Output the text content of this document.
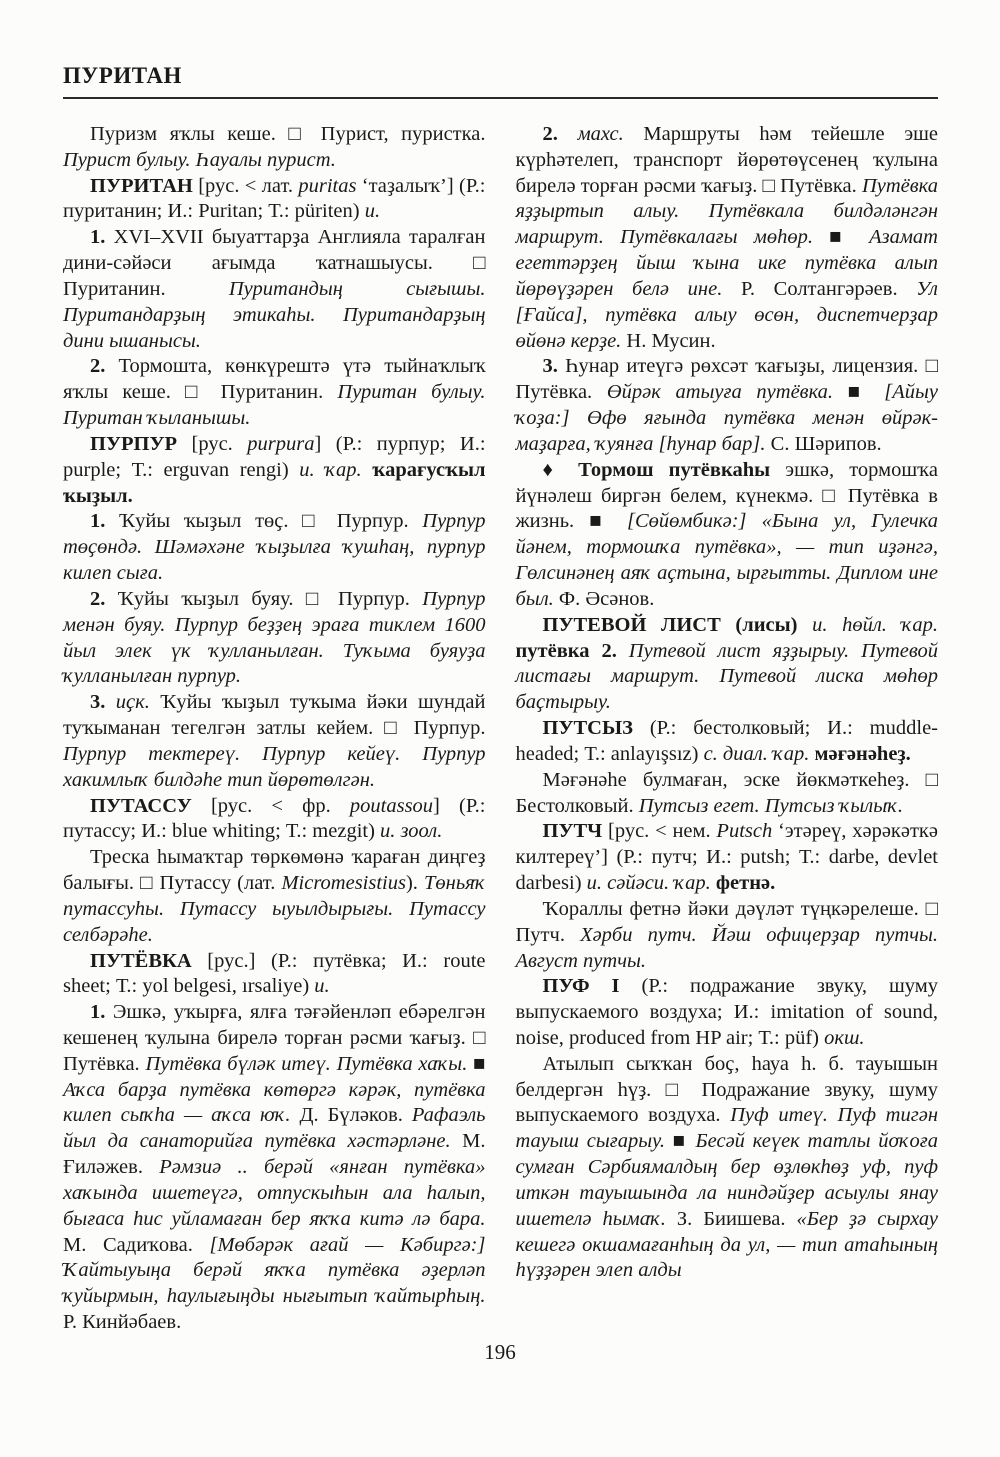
ПУРИТАН

Пуризм яҡлы кеше. □ Пурист, пуристка. Пурист булыу. Һауалы пурист.

ПУРИТАН [рус. < лат. puritas ‘таҙалыҡ’] (Р.: пуританин; И.: Puritan; Т.: püriten) и.

1. XVI–XVII быуаттарҙа Англияла таралған дини-сәйәси ағымда ҡатнашыусы. □ Пуританин. Пуритандың сығышы. Пуритандарҙың этикаһы. Пуритандарҙың дини ышанысы.

2. Тормошта, көнкүрештә үтә тыйнаҡлыҡ яҡлы кеше. □ Пуританин. Пуритан булыу. Пуритан ҡыланышы.

ПУРПУР [рус. purpura] (Р.: пурпур; И.: purple; Т.: erguvan rengi) и. ҡар. ҡарағусҡыл ҡыҙыл.

1. Ҡуйы ҡыҙыл төҫ. □ Пурпур. Пурпур төҫөндә. Шәмәхәне ҡыҙылға ҡушһаң, пурпур килеп сыға.

2. Ҡуйы ҡыҙыл буяу. □ Пурпур. Пурпур менән буяу. Пурпур беҙҙең эраға тиклем 1600 йыл элек үк ҡулланылған. Туҡыма буяуҙа ҡулланылған пурпур.

3. иҫк. Ҡуйы ҡыҙыл туҡыма йәки шундай туҡыманан тегелгән затлы кейем. □ Пурпур. Пурпур тектереү. Пурпур кейеү. Пурпур хакимлыҡ билдәһе тип йөрөтөлгән.

ПУТАССУ [рус. < фр. poutassou] (Р.: путассу; И.: blue whiting; Т.: mezgit) и. зоол.

Треска һымаҡтар төркөмөнә ҡараған диңгеҙ балығы. □ Путассу (лат. Micromesistius). Төньяҡ путассуһы. Путассу ыуылдырығы. Путассу селбәрәһе.

ПУТЁВКА [рус.] (Р.: путёвка; И.: route sheet; Т.: yol belgesi, ırsaliye) и.

1. Эшкә, уҡырға, ялға тәғәйенләп ебәрелгән кешенең ҡулына бирелә торған рәсми ҡағыҙ. □ Путёвка. Путёвка бүләк итеү. Путёвка хаҡы. ■ Аҡса барҙа путёвка көтөргә кәрәк, путёвка килеп сыҡһа — аҡса юҡ. Д. Бүләков. Рафаэль йыл да санаторийға путёвка хәстәрләне. М. Ғиләжев. Рәмзиә .. берәй «янған путёвка» хаҡында ишетеүгә, отпускыһын ала һалып, бығаса һис уйламаған бер яҡҡа китә лә бара. М. Садиҡова. [Мөбәрәк ағай — Кәбиргә:] Ҡайтыуыңа берәй яҡҡа путёвка әҙерләп ҡуйырмын, һаулығыңды нығытып ҡайтырһың. Р. Кинйәбаев.

2. махс. Маршруты һәм тейешле эше күрһәтелеп, транспорт йөрөтөүсенең ҡулына бирелә торған рәсми ҡағыҙ. □ Путёвка. Путёвка яҙҙыртып алыу. Путёвкала билдәләнгән маршрут. Путёвкалағы мөһөр. ■ Азамат егеттәрҙең йыш ҡына ике путёвка алып йөрөүҙәрен белә ине. Р. Солтангәрәев. Ул [Ғайса], путёвка алыу өсөн, диспетчерҙар өйөнә керҙе. Н. Мусин.

3. Һунар итеүгә рөхсәт ҡағыҙы, лицензия. □ Путёвка. Өйрәк атыуға путёвка. ■ [Айыу ҡоҙа:] Өфө яғында путёвка менән өйрәк-маҙарға, ҡуянға [һунар бар]. С. Шәрипов.

♦ Тормош путёвкаһы эшкә, тормошҡа йүнәлеш биргән белем, күнекмә. □ Путёвка в жизнь. ■ [Сөйөмбикә:] «Бына ул, Гулечка йәнем, тормошҡа путёвка», — тип иҙәнгә, Гөлсинәнең аяҡ аҫтына, ырғытты. Диплом ине был. Ф. Әсәнов.

ПУТЕВОЙ ЛИСТ (лисы) и. һөйл. ҡар. путёвка 2. Путевой лист яҙҙырыу. Путевой листағы маршрут. Путевой лиска мөһөр баҫтырыу.

ПУТСЫЗ (Р.: бестолковый; И.: muddle-headed; Т.: anlayışsız) с. диал. ҡар. мәғәнәһеҙ.

Мәғәнәһе булмаған, эске йөкмәткеһеҙ. □ Бестолковый. Путсыз егет. Путсыз ҡылыҡ.

ПУТЧ [рус. < нем. Putsch ‘этәреү, хәрәкәткә килтереү’] (Р.: путч; И.: putsh; Т.: darbe, devlet darbesi) и. сәйәси. ҡар. фетнә.

Ҡораллы фетнә йәки дәүләт түңкәрелеше. □ Путч. Хәрби путч. Йәш офицерҙар путчы. Август путчы.

ПУФ I (Р.: подражание звуку, шуму выпускаемого воздуха; И.: imitation of sound, noise, produced from HP air; Т.: püf) окш.

Атылып сыҡҡан боҫ, һауа һ. б. тауышын белдергән һүҙ. □ Подражание звуку, шуму выпускаемого воздуха. Пуф итеү. Пуф тигән тауыш сығарыу. ■ Бесәй кеүек татлы йоҡоға сумған Сәрбиямалдың бер өҙлөкһөҙ уф, пуф иткән тауышында ла ниндәйҙер асыулы янау ишетелә һымаҡ. З. Биишева. «Бер ҙә сырхау кешегә окшамағанһың да ул, — тип атаһының һүҙҙәрен элеп алды

196
